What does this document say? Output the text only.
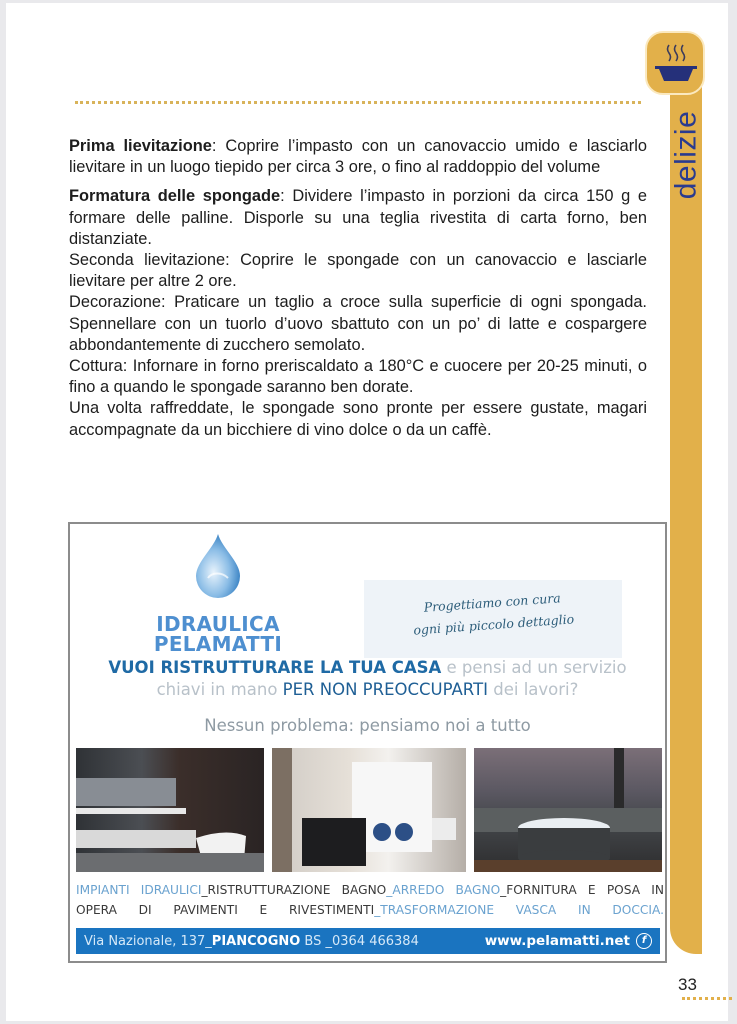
delizie

Prima lievitazione: Coprire l’impasto con un canovaccio umido e lasciarlo lievitare in un luogo tiepido per circa 3 ore, o fino al raddoppio del volume

Formatura delle spongade: Dividere l’impasto in porzioni da circa 150 g e formare delle palline. Disporle su una teglia rivestita di carta forno, ben distanziate.

Seconda lievitazione: Coprire le spongade con un canovaccio e lasciarle lievitare per altre 2 ore.

Decorazione: Praticare un taglio a croce sulla superficie di ogni spongada. Spennellare con un tuorlo d’uovo sbattuto con un po’ di latte e cospargere abbondantemente di zucchero semolato.

Cottura: Infornare in forno preriscaldato a 180°C e cuocere per 20-25 minuti, o fino a quando le spongade saranno ben dorate.

Una volta raffreddate, le spongade sono pronte per essere gustate, magari accompagnate da un bicchiere di vino dolce o da un caffè.

IDRAULICA
PELAMATTI
Progettiamo con cura
ogni più piccolo dettaglio
VUOI RISTRUTTURARE LA TUA CASA e pensi ad un servizio
chiavi in mano PER NON PREOCCUPARTI dei lavori?
Nessun problema: pensiamo noi a tutto
IMPIANTI IDRAULICI_RISTRUTTURAZIONE BAGNO_ARREDO BAGNO_FORNITURA E POSA IN OPERA DI PAVIMENTI E RIVESTIMENTI_TRASFORMAZIONE VASCA IN DOCCIA.
Via Nazionale, 137_PIANCOGNO BS _0364 466384	www.pelamatti.net	f
33
